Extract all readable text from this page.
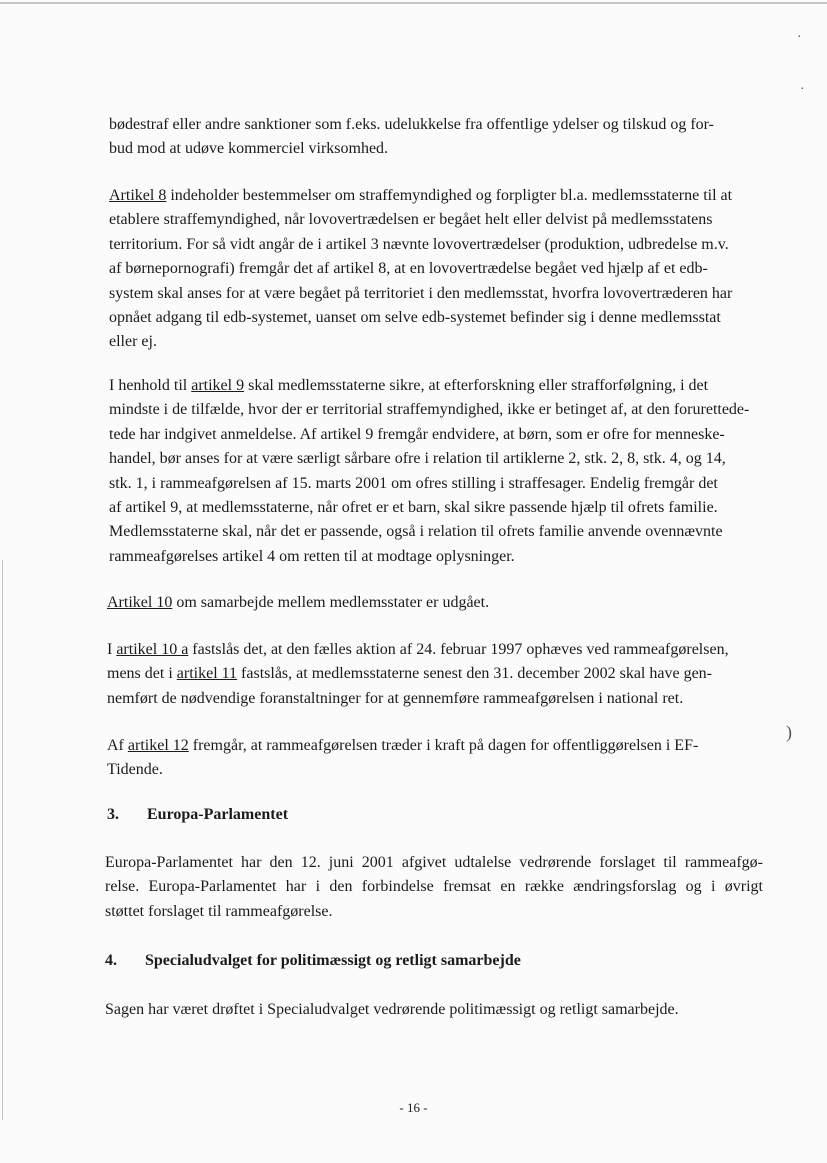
bødestraf eller andre sanktioner som f.eks. udelukkelse fra offentlige ydelser og tilskud og for-
bud mod at udøve kommerciel virksomhed.
Artikel 8 indeholder bestemmelser om straffemyndighed og forpligter bl.a. medlemsstaterne til at
etablere straffemyndighed, når lovovertrædelsen er begået helt eller delvist på medlemsstatens
territorium. For så vidt angår de i artikel 3 nævnte lovovertrædelser (produktion, udbredelse m.v.
af børnepornografi) fremgår det af artikel 8, at en lovovertrædelse begået ved hjælp af et edb-
system skal anses for at være begået på territoriet i den medlemsstat, hvorfra lovovertræderen har
opnået adgang til edb-systemet, uanset om selve edb-systemet befinder sig i denne medlemsstat
eller ej.
I henhold til artikel 9 skal medlemsstaterne sikre, at efterforskning eller strafforfølgning, i det
mindste i de tilfælde, hvor der er territorial straffemyndighed, ikke er betinget af, at den forurettede-
tede har indgivet anmeldelse. Af artikel 9 fremgår endvidere, at børn, som er ofre for menneske-
handel, bør anses for at være særligt sårbare ofre i relation til artiklerne 2, stk. 2, 8, stk. 4, og 14,
stk. 1, i rammeafgørelsen af 15. marts 2001 om ofres stilling i straffesager. Endelig fremgår det
af artikel 9, at medlemsstaterne, når ofret er et barn, skal sikre passende hjælp til ofrets familie.
Medlemsstaterne skal, når det er passende, også i relation til ofrets familie anvende ovennævnte
rammeafgørelses artikel 4 om retten til at modtage oplysninger.
Artikel 10 om samarbejde mellem medlemsstater er udgået.
I artikel 10 a fastslås det, at den fælles aktion af 24. februar 1997 ophæves ved rammeafgørelsen,
mens det i artikel 11 fastslås, at medlemsstaterne senest den 31. december 2002 skal have gen-
nemført de nødvendige foranstaltninger for at gennemføre rammeafgørelsen i national ret.
Af artikel 12 fremgår, at rammeafgørelsen træder i kraft på dagen for offentliggørelsen i EF-
Tidende.
3. Europa-Parlamentet
Europa-Parlamentet har den 12. juni 2001 afgivet udtalelse vedrørende forslaget til rammeafgø-
relse. Europa-Parlamentet har i den forbindelse fremsat en række ændringsforslag og i øvrigt
støttet forslaget til rammeafgørelse.
4. Specialudvalget for politimæssigt og retligt samarbejde
Sagen har været drøftet i Specialudvalget vedrørende politimæssigt og retligt samarbejde.
- 16 -
·
·
)
